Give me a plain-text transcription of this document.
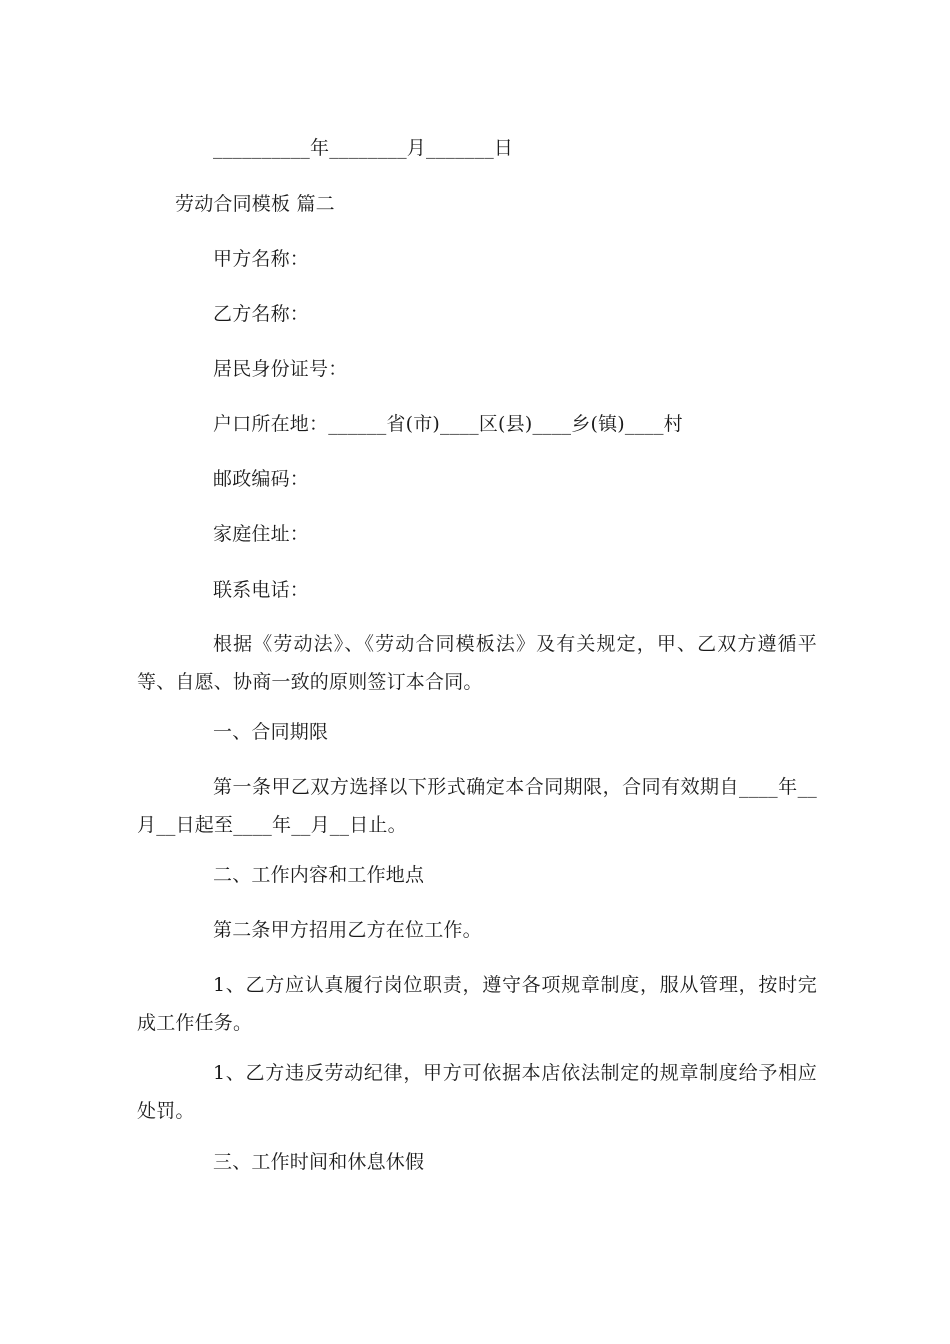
__________年________月_______日
劳动合同模板 篇二
甲方名称：
乙方名称：
居民身份证号：
户口所在地：______省(市)____区(县)____乡(镇)____村
邮政编码：
家庭住址：
联系电话：
根据《劳动法》、《劳动合同模板法》及有关规定，甲、乙双方遵循平等、自愿、协商一致的原则签订本合同。
一、合同期限
第一条甲乙双方选择以下形式确定本合同期限，合同有效期自____年__月__日起至____年__月__日止。
二、工作内容和工作地点
第二条甲方招用乙方在位工作。
1、乙方应认真履行岗位职责，遵守各项规章制度，服从管理，按时完成工作任务。
1、乙方违反劳动纪律，甲方可依据本店依法制定的规章制度给予相应处罚。
三、工作时间和休息休假
